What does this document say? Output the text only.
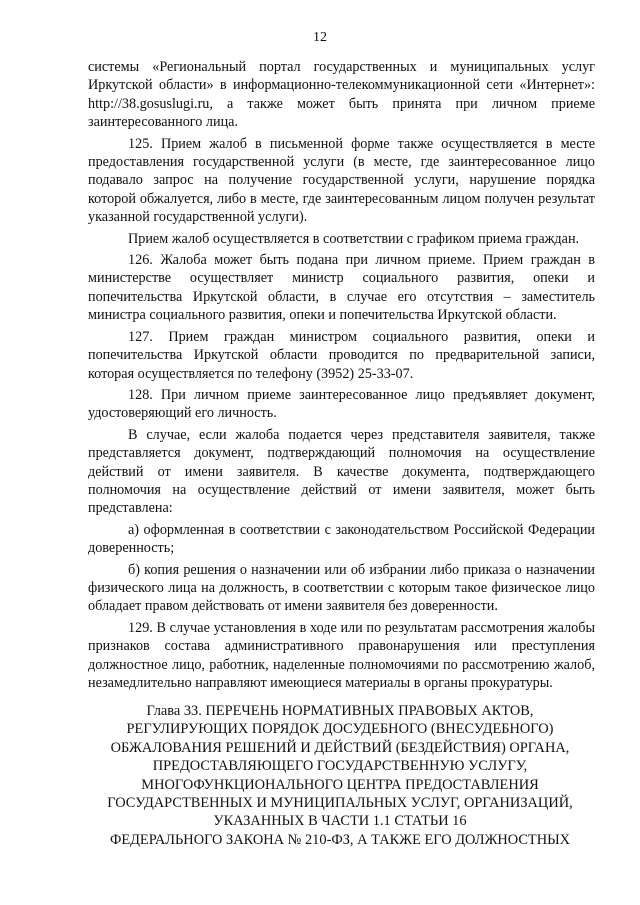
12

системы «Региональный портал государственных и муниципальных услуг Иркутской области» в информационно-телекоммуникационной сети «Интернет»: http://38.gosuslugi.ru, а также может быть принята при личном приеме заинтересованного лица.

125. Прием жалоб в письменной форме также осуществляется в месте предоставления государственной услуги (в месте, где заинтересованное лицо подавало запрос на получение государственной услуги, нарушение порядка которой обжалуется, либо в месте, где заинтересованным лицом получен результат указанной государственной услуги).

Прием жалоб осуществляется в соответствии с графиком приема граждан.

126. Жалоба может быть подана при личном приеме. Прием граждан в министерстве осуществляет министр социального развития, опеки и попечительства Иркутской области, в случае его отсутствия – заместитель министра социального развития, опеки и попечительства Иркутской области.

127. Прием граждан министром социального развития, опеки и попечительства Иркутской области проводится по предварительной записи, которая осуществляется по телефону (3952) 25-33-07.

128. При личном приеме заинтересованное лицо предъявляет документ, удостоверяющий его личность.

В случае, если жалоба подается через представителя заявителя, также представляется документ, подтверждающий полномочия на осуществление действий от имени заявителя. В качестве документа, подтверждающего полномочия на осуществление действий от имени заявителя, может быть представлена:

а) оформленная в соответствии с законодательством Российской Федерации доверенность;

б) копия решения о назначении или об избрании либо приказа о назначении физического лица на должность, в соответствии с которым такое физическое лицо обладает правом действовать от имени заявителя без доверенности.

129. В случае установления в ходе или по результатам рассмотрения жалобы признаков состава административного правонарушения или преступления должностное лицо, работник, наделенные полномочиями по рассмотрению жалоб, незамедлительно направляют имеющиеся материалы в органы прокуратуры.

Глава 33. ПЕРЕЧЕНЬ НОРМАТИВНЫХ ПРАВОВЫХ АКТОВ,
РЕГУЛИРУЮЩИХ ПОРЯДОК ДОСУДЕБНОГО (ВНЕСУДЕБНОГО)
ОБЖАЛОВАНИЯ РЕШЕНИЙ И ДЕЙСТВИЙ (БЕЗДЕЙСТВИЯ) ОРГАНА,
ПРЕДОСТАВЛЯЮЩЕГО ГОСУДАРСТВЕННУЮ УСЛУГУ,
МНОГОФУНКЦИОНАЛЬНОГО ЦЕНТРА ПРЕДОСТАВЛЕНИЯ
ГОСУДАРСТВЕННЫХ И МУНИЦИПАЛЬНЫХ УСЛУГ, ОРГАНИЗАЦИЙ,
УКАЗАННЫХ В ЧАСТИ 1.1 СТАТЬИ 16
ФЕДЕРАЛЬНОГО ЗАКОНА № 210-ФЗ, А ТАКЖЕ ЕГО ДОЛЖНОСТНЫХ
